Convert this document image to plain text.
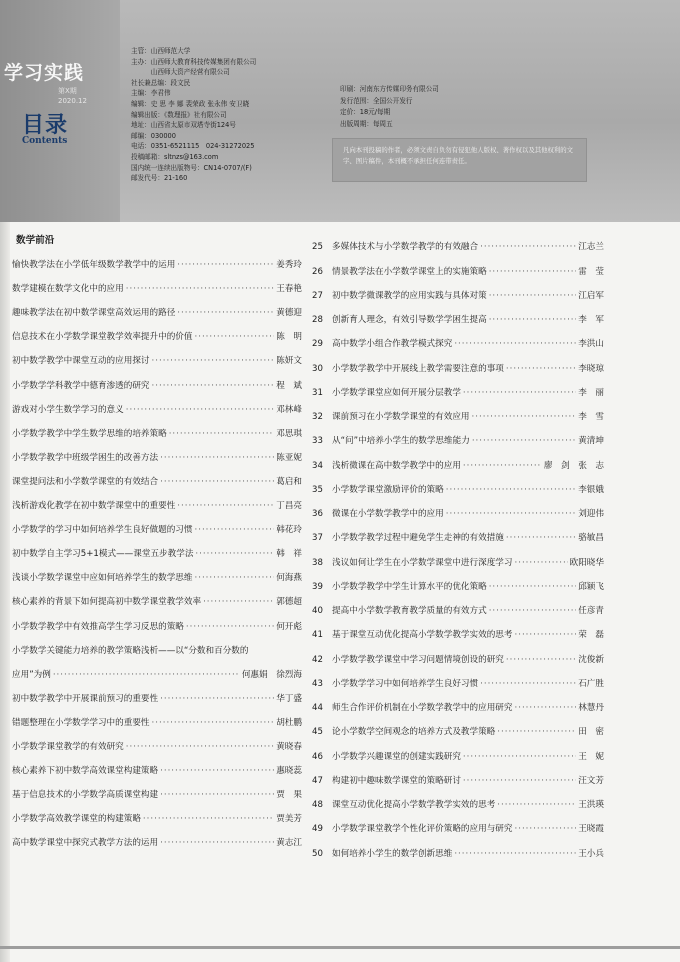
学习实践
第X期
2020.12
目录
Contents
主管：山西师范大学
主办：山西师大教育科技传媒集团有限公司
　　　山西师大资产经营有限公司
社长兼总编：段文民
主编：李君伟
编辑：史 思 李 娜 裴荣政 张永伟 安卫晓
编辑出版：《数理报》社有限公司
地址：山西省太原市双塔寺街124号
邮编：030000
电话：0351-6521115　024-31272025
投稿邮箱：sltnzs@163.com
国内统一连续出版物号：CN14-0707/(F)
邮发代号：21-160
印刷：河南东方传媒印务有限公司
发行范围：全国公开发行
定价：18元/每期
出版周期：每周五
凡向本刊投稿的作者，必须文责自负勿有侵犯他人版权、著作权以及其他权利的文字、图片稿件，本刊概不承担任何连带责任。
数学前沿
愉快教学法在小学低年级数学教学中的运用 ·····	姜秀玲
数学建模在数学文化中的应用 ·····	王春艳
趣味教学法在初中数学课堂高效运用的路径 ·····	黄德迎
信息技术在小学数学课堂教学效率提升中的价值 ·····	陈　明
初中数学教学中课堂互动的应用探讨 ·····	陈妍文
小学数学学科教学中德育渗透的研究 ·····	程　斌
游戏对小学生数学学习的意义 ·····	邓林峰
小学数学教学中学生数学思维的培养策略 ·····	邓思琪
小学数学教学中班级学困生的改善方法 ·····	陈亚妮
课堂提问法和小学数学课堂的有效结合 ·····	葛启和
浅析游戏化教学在初中数学课堂中的重要性 ·····	丁昌亮
小学数学的学习中如何培养学生良好做题的习惯 ·····	韩花玲
初中数学自主学习5+1模式——课堂五步教学法 ·····	韩　祥
浅谈小学数学课堂中应如何培养学生的数学思维 ·····	何海燕
核心素养的背景下如何提高初中数学课堂教学效率 ·····	郭德超
小学数学教学中有效推高学生学习反思的策略 ·····	何开彪
小学数学关键能力培养的教学策略浅析——以“分数和百分数的
应用”为例 ·····	何惠娟　徐烈海
初中数学教学中开展课前预习的重要性 ·····	华丁盛
错题整理在小学数学学习中的重要性 ·····	胡杜鹏
小学数学课堂教学的有效研究 ·····	黄晓春
核心素养下初中数学高效课堂构建策略 ·····	惠晓蕊
基于信息技术的小学数学高质课堂构建 ·····	贾　果
小学数学高效教学课堂的构建策略 ·····	贾美芳
高中数学课堂中探究式教学方法的运用 ·····	黄志江
25	多媒体技术与小学数学教学的有效融合 ·····	江志兰
26	情景教学法在小学数学课堂上的实施策略 ·····	雷　莹
27	初中数学微课教学的应用实践与具体对策 ·····	江启军
28	创新育人理念，有效引导数学学困生提高 ·····	李　军
29	高中数学小组合作教学模式探究 ·····	李洪山
30	小学数学教学中开展线上教学需要注意的事项 ·····	李晓琼
31	小学数学课堂应如何开展分层教学 ·····	李　丽
32	课前预习在小学数学课堂的有效应用 ·····	李　雪
33	从“问”中培养小学生的数学思维能力 ·····	黄清坤
34	浅析微课在高中数学教学中的应用 ·····	廖　剑　张　志
35	小学数学课堂激励评价的策略 ·····	李银娥
36	微课在小学数学教学中的应用 ·····	刘迎伟
37	小学数学教学过程中避免学生走神的有效措施 ·····	骆敏昌
38	浅议如何让学生在小学数学课堂中进行深度学习 ·····	欧阳晓华
39	小学数学教学中学生计算水平的优化策略 ·····	邱颖飞
40	提高中小学数学教育教学质量的有效方式 ·····	任彦青
41	基于课堂互动优化提高小学数学教学实效的思考 ·····	荣　磊
42	小学数学教学课堂中学习问题情境创设的研究 ·····	沈俊新
43	小学数学学习中如何培养学生良好习惯 ·····	石广胜
44	师生合作评价机制在小学数学教学中的应用研究 ·····	林慧丹
45	论小学数学空间观念的培养方式及教学策略 ·····	田　密
46	小学数学兴趣课堂的创建实践研究 ·····	王　妮
47	构建初中趣味数学课堂的策略研讨 ·····	汪文芳
48	课堂互动优化提高小学数学教学实效的思考 ·····	王洪瑛
49	小学数学课堂教学个性化评价策略的应用与研究 ·····	王晓霞
50	如何培养小学生的数学创新思维 ·····	王小兵
